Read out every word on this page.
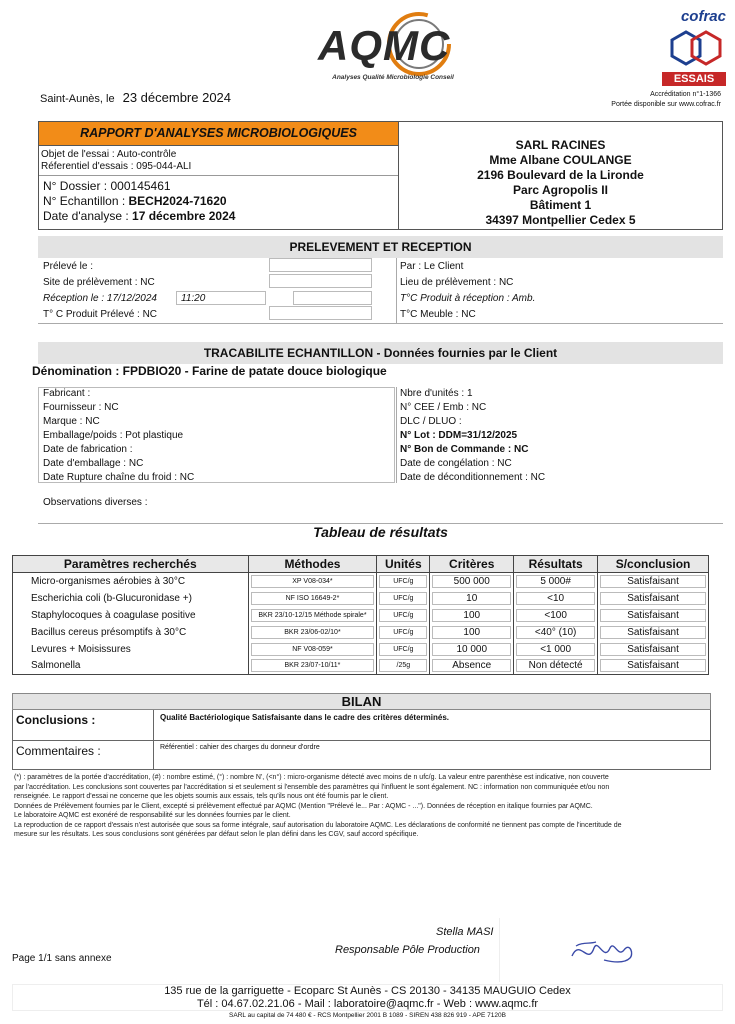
AQMC
Analyses Qualité Microbiologie Conseil
cofrac
ESSAIS
Accréditation n°1-1366
Portée disponible sur www.cofrac.fr
Saint-Aunès, le 23 décembre 2024
RAPPORT D'ANALYSES MICROBIOLOGIQUES
Objet de l'essai : Auto-contrôle
Réferentiel d'essais : 095-044-ALI
N° Dossier : 000145461
N° Echantillon : BECH2024-71620
Date d'analyse : 17 décembre 2024
SARL RACINES
Mme Albane COULANGE
2196 Boulevard de la Lironde
Parc Agropolis II
Bâtiment 1
34397 Montpellier Cedex 5
PRELEVEMENT ET RECEPTION
Prélevé le :
Site de prélèvement : NC
Réception le : 17/12/2024 11:20
T° C Produit Prélevé : NC
Par : Le Client
Lieu de prélèvement : NC
T°C Produit à réception : Amb.
T°C Meuble : NC
TRACABILITE ECHANTILLON - Données fournies par le Client
Dénomination : FPDBIO20 - Farine de patate douce biologique
Fabricant :
Fournisseur : NC
Marque : NC
Emballage/poids : Pot plastique
Date de fabrication :
Date d'emballage : NC
Date Rupture chaîne du froid : NC
Nbre d'unités : 1
N° CEE / Emb : NC
DLC / DLUO :
N° Lot : DDM=31/12/2025
N° Bon de Commande : NC
Date de congélation : NC
Date de déconditionnement : NC
Observations diverses :
Tableau de résultats
Paramètres recherchés	Méthodes	Unités	Critères	Résultats	S/conclusion
Micro-organismes aérobies à 30°C	XP V08-034*	UFC/g	500 000	5 000#	Satisfaisant

Escherichia coli (b-Glucuronidase +)	NF ISO 16649-2*	UFC/g	10	<10	Satisfaisant

Staphylocoques à coagulase positive	BKR 23/10-12/15 Méthode spirale*	UFC/g	100	<100	Satisfaisant

Bacillus cereus présomptifs à 30°C	BKR 23/06-02/10*	UFC/g	100	<40° (10)	Satisfaisant

Levures + Moisissures	NF V08-059*	UFC/g	10 000	<1 000	Satisfaisant

Salmonella	BKR 23/07-10/11*	/25g	Absence	Non détecté	Satisfaisant
BILAN
Conclusions :	Qualité Bactériologique Satisfaisante dans le cadre des critères déterminés.
Commentaires :	Référentiel : cahier des charges du donneur d'ordre
(*) : paramètres de la portée d'accréditation, (#) : nombre estimé, (°) : nombre N', (<n°) : micro-organisme détecté avec moins de n ufc/g. La valeur entre parenthèse est indicative, non couverte
par l'accréditation. Les conclusions sont couvertes par l'accréditation si et seulement si l'ensemble des paramètres qui l'influent le sont également. NC : information non communiquée et/ou non
renseignée. Le rapport d'essai ne concerne que les objets soumis aux essais, tels qu'ils nous ont été fournis par le client.
Données de Prélèvement fournies par le Client, excepté si prélèvement effectué par AQMC (Mention "Prélevé le... Par : AQMC - ..."). Données de réception en italique fournies par AQMC.
Le laboratoire AQMC est exonéré de responsabilité sur les données fournies par le client.
La reproduction de ce rapport d'essais n'est autorisée que sous sa forme intégrale, sauf autorisation du laboratoire AQMC. Les déclarations de conformité ne tiennent pas compte de l'incertitude de
mesure sur les résultats. Les sous conclusions sont générées par défaut selon le plan défini dans les CGV, sauf accord spécifique.
Stella MASI
Responsable Pôle Production
Page 1/1 sans annexe
135 rue de la garriguette - Ecoparc St Aunès - CS 20130 - 34135 MAUGUIO Cedex
Tél : 04.67.02.21.06 - Mail : laboratoire@aqmc.fr - Web : www.aqmc.fr
SARL au capital de 74 480 € - RCS Montpellier 2001 B 1089 - SIREN 438 826 919 - APE 7120B
